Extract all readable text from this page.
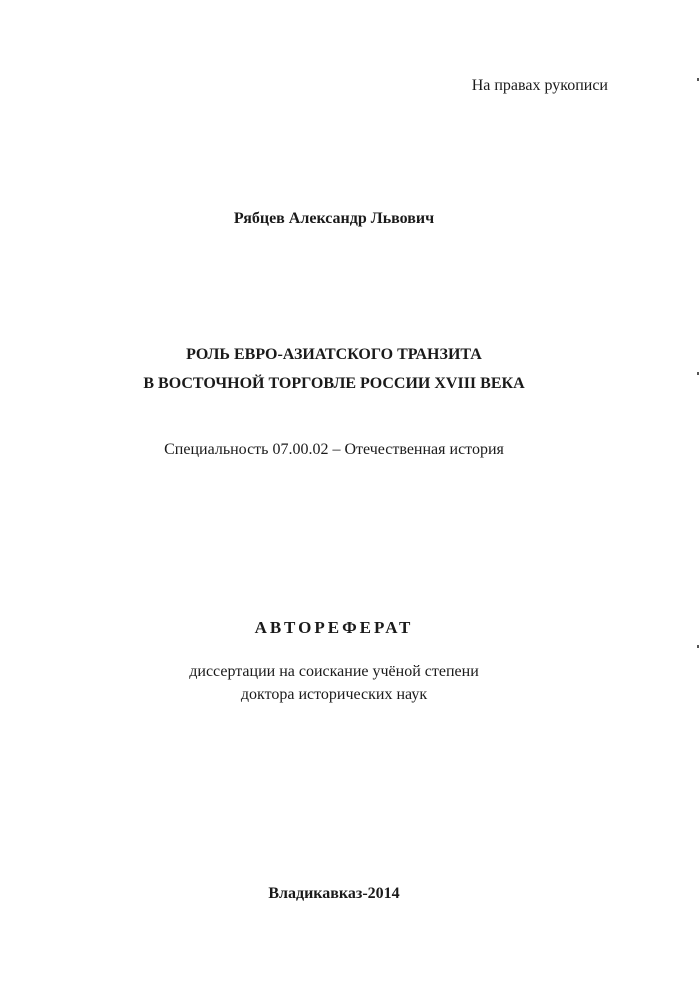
На правах рукописи
Рябцев Александр Львович
РОЛЬ ЕВРО-АЗИАТСКОГО ТРАНЗИТА
В ВОСТОЧНОЙ ТОРГОВЛЕ РОССИИ XVIII ВЕКА
Специальность 07.00.02 – Отечественная история
АВТОРЕФЕРАТ
диссертации на соискание учёной степени
доктора исторических наук
Владикавказ-2014
